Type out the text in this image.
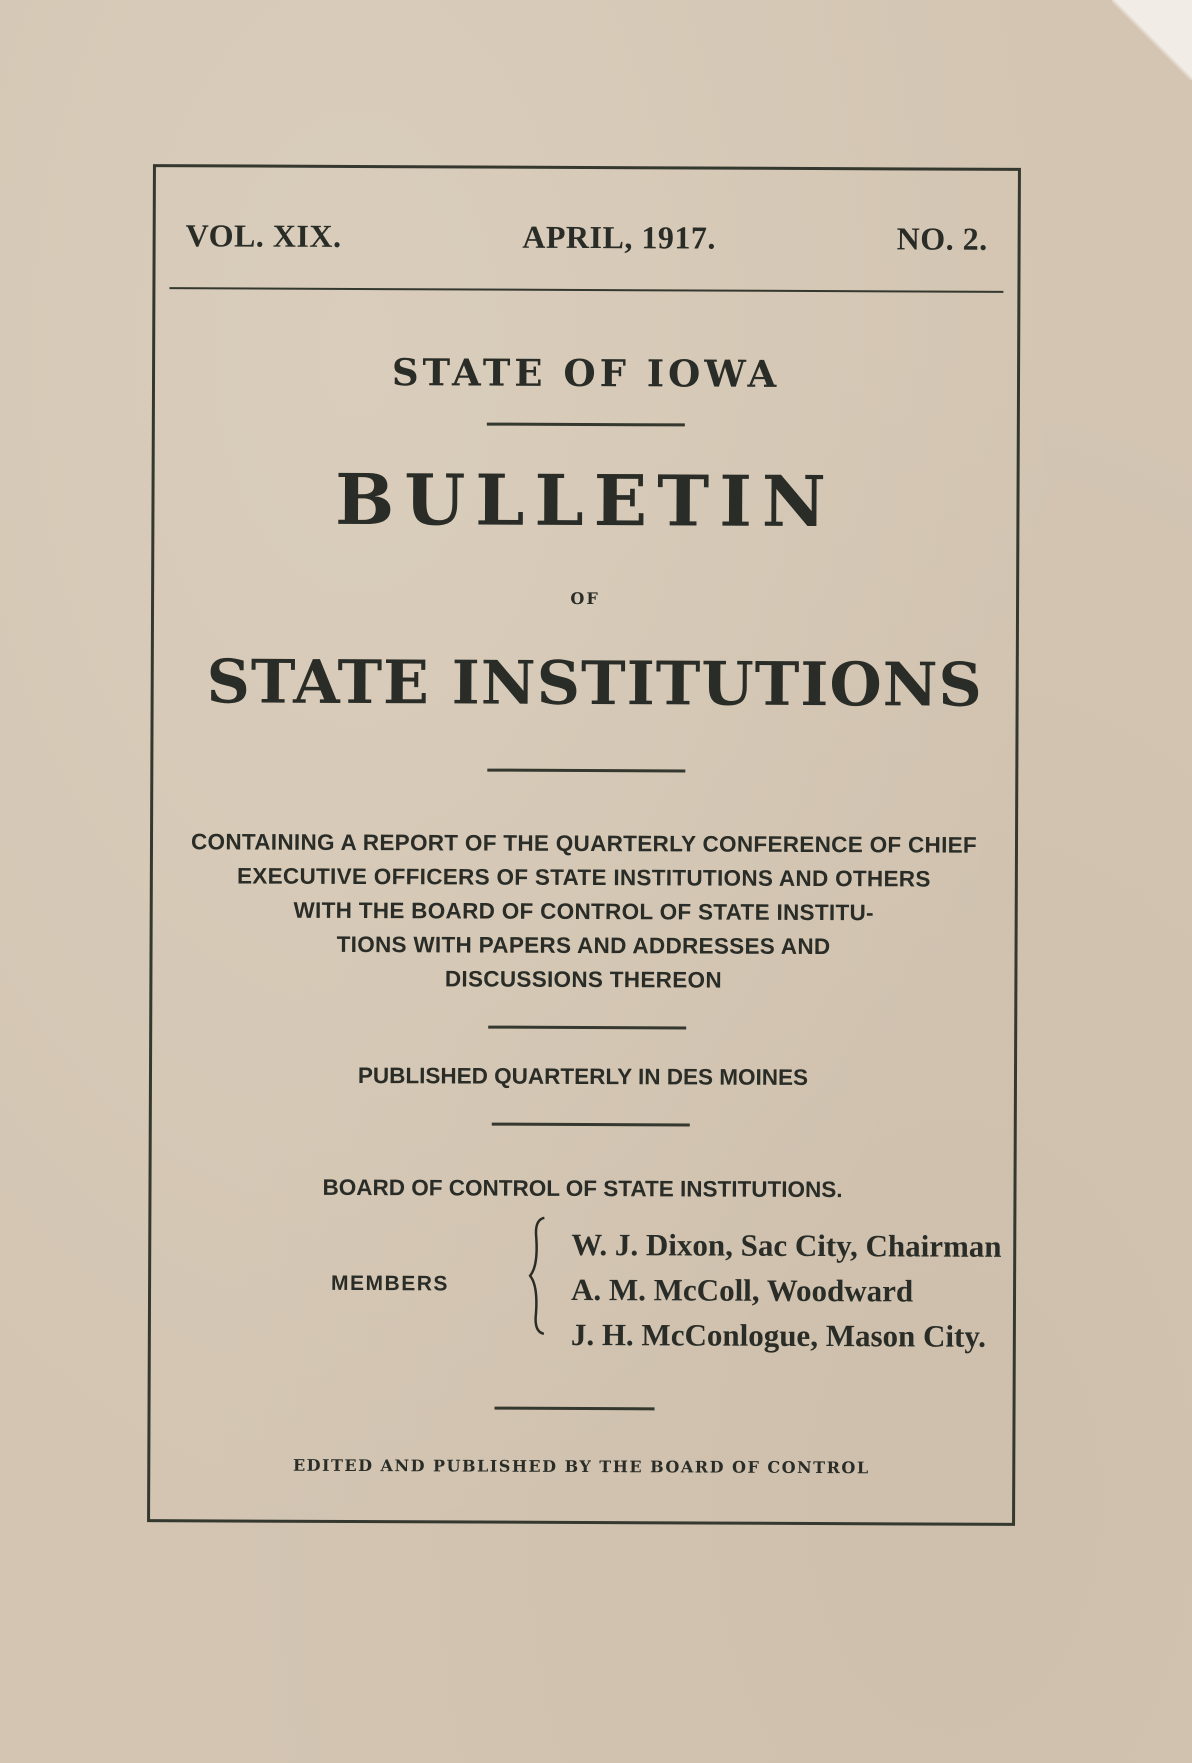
VOL. XIX.	APRIL, 1917.	NO. 2.
STATE OF IOWA
BULLETIN
OF
STATE INSTITUTIONS
CONTAINING A REPORT OF THE QUARTERLY CONFERENCE OF CHIEF
EXECUTIVE OFFICERS OF STATE INSTITUTIONS AND OTHERS
WITH THE BOARD OF CONTROL OF STATE INSTITU-
TIONS WITH PAPERS AND ADDRESSES AND
DISCUSSIONS THEREON
PUBLISHED QUARTERLY IN DES MOINES
BOARD OF CONTROL OF STATE INSTITUTIONS.
MEMBERS
W. J. Dixon, Sac City, Chairman
A. M. McColl, Woodward
J. H. McConlogue, Mason City.
EDITED AND PUBLISHED BY THE BOARD OF CONTROL
